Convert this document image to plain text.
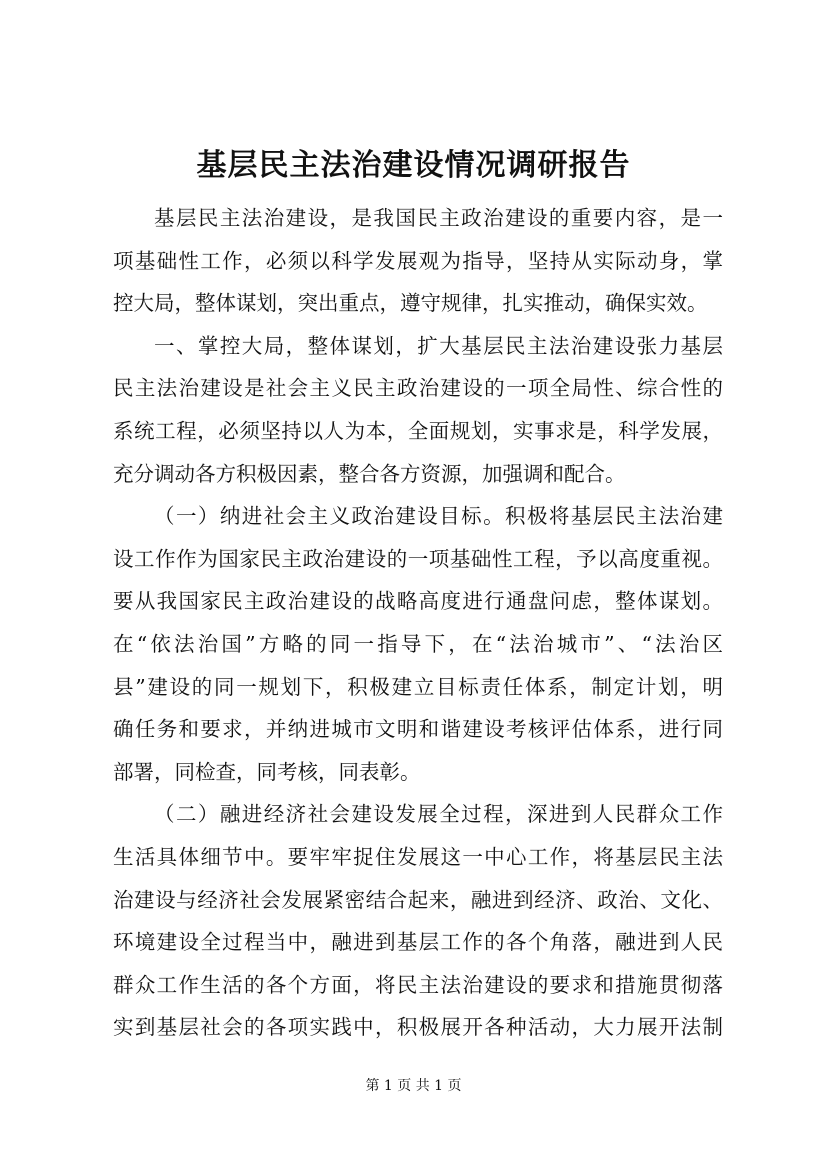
基层民主法治建设情况调研报告
基层民主法治建设，是我国民主政治建设的重要内容，是一
项基础性工作，必须以科学发展观为指导，坚持从实际动身，掌
控大局，整体谋划，突出重点，遵守规律，扎实推动，确保实效。
一、掌控大局，整体谋划，扩大基层民主法治建设张力基层
民主法治建设是社会主义民主政治建设的一项全局性、综合性的
系统工程，必须坚持以人为本，全面规划，实事求是，科学发展，
充分调动各方积极因素，整合各方资源，加强调和配合。
（一）纳进社会主义政治建设目标。积极将基层民主法治建
设工作作为国家民主政治建设的一项基础性工程，予以高度重视。
要从我国家民主政治建设的战略高度进行通盘问虑，整体谋划。
在“依法治国”方略的同一指导下，在“法治城市”、“法治区
县”建设的同一规划下，积极建立目标责任体系，制定计划，明
确任务和要求，并纳进城市文明和谐建设考核评估体系，进行同
部署，同检查，同考核，同表彰。
（二）融进经济社会建设发展全过程，深进到人民群众工作
生活具体细节中。要牢牢捉住发展这一中心工作，将基层民主法
治建设与经济社会发展紧密结合起来，融进到经济、政治、文化、
环境建设全过程当中，融进到基层工作的各个角落，融进到人民
群众工作生活的各个方面，将民主法治建设的要求和措施贯彻落
实到基层社会的各项实践中，积极展开各种活动，大力展开法制
第 1 页 共 1 页
